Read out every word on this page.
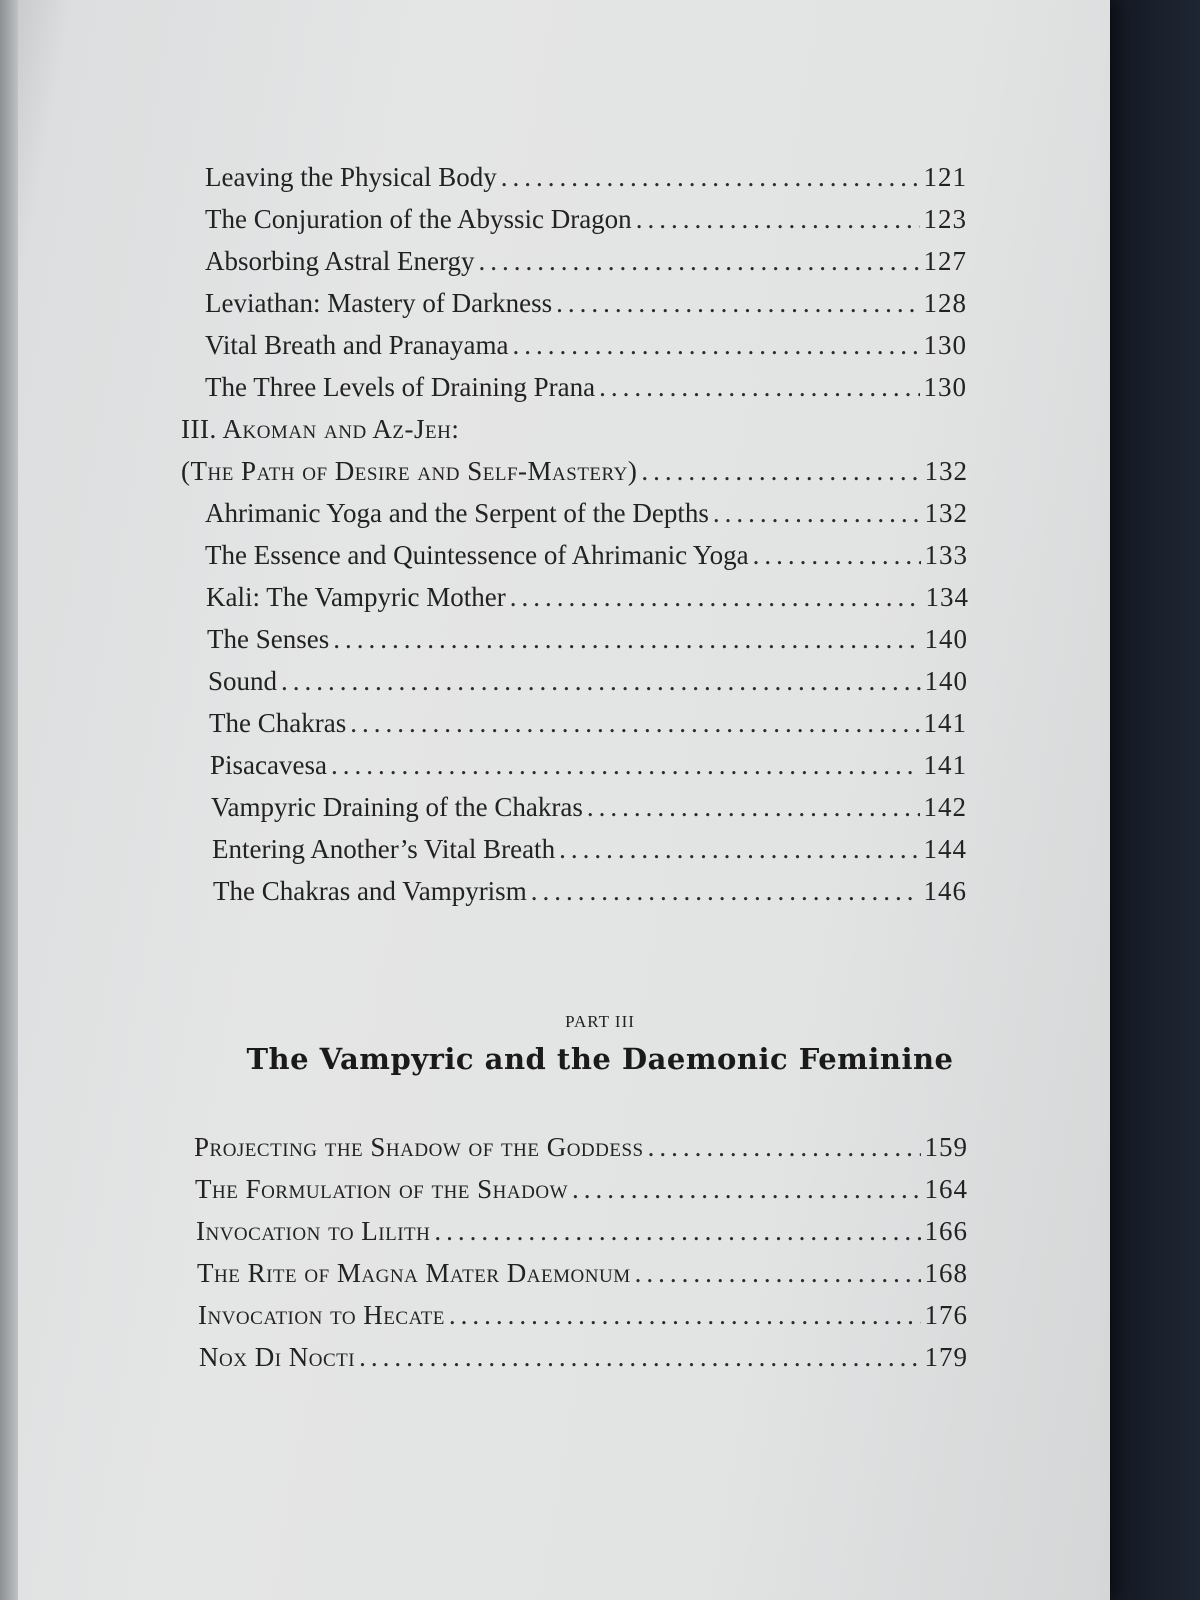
Leaving the Physical Body .....	121
The Conjuration of the Abyssic Dragon .....	123
Absorbing Astral Energy .....	127
Leviathan: Mastery of Darkness .....	128
Vital Breath and Pranayama .....	130
The Three Levels of Draining Prana .....	130
III. Akoman and Az-Jeh:
(The Path of Desire and Self-Mastery) .....	132
Ahrimanic Yoga and the Serpent of the Depths .....	132
The Essence and Quintessence of Ahrimanic Yoga .....	133
Kali: The Vampyric Mother .....	134
The Senses .....	140
Sound .....	140
The Chakras .....	141
Pisacavesa .....	141
Vampyric Draining of the Chakras .....	142
Entering Another’s Vital Breath .....	144
The Chakras and Vampyrism .....	146
PART III
The Vampyric and the Daemonic Feminine
Projecting the Shadow of the Goddess .....	159
The Formulation of the Shadow .....	164
Invocation to Lilith .....	166
The Rite of Magna Mater Daemonum .....	168
Invocation to Hecate .....	176
Nox Di Nocti .....	179
